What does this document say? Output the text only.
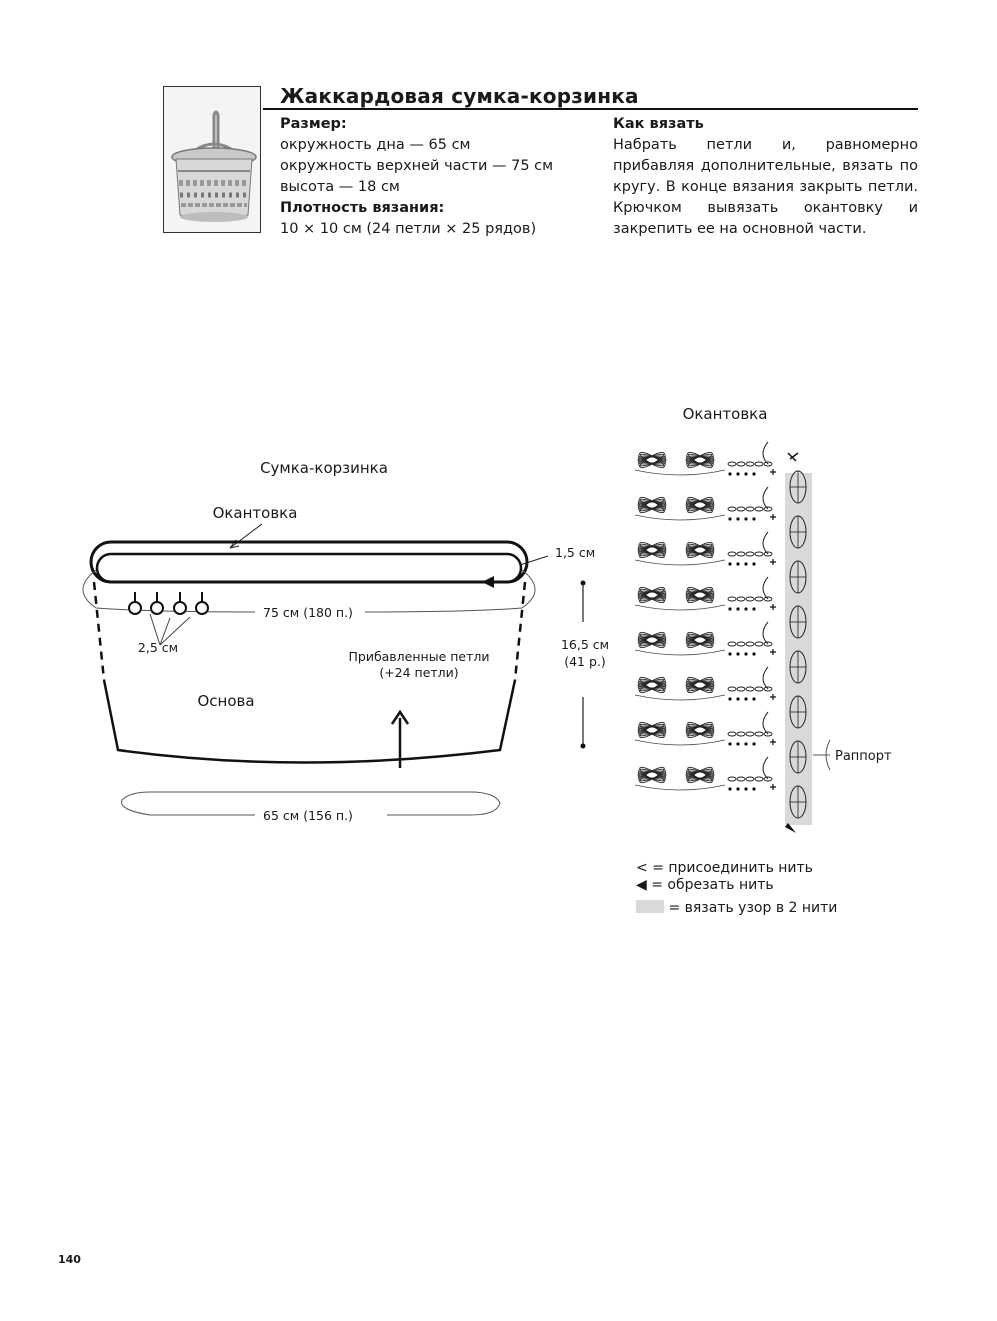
Жаккардовая сумка-корзинка
Размер:
окружность дна — 65 см
окружность верхней части — 75 см
высота — 18 см
Плотность вязания:
10 × 10 см (24 петли × 25 рядов)
Как вязать
Набрать петли и, равномерно прибавляя дополнительные, вязать по кругу. В конце вязания закрыть петли. Крючком вывязать окантовку и закрепить ее на основной части.
Сумка-корзинка
Окантовка
1,5 см
75 см (180 п.)
2,5 см	16,5 см
(41 р.)
Прибавленные петли
(+24 петли)
Основа
65 см (156 п.)
Окантовка
Раппорт
< = присоединить нить
◀ = обрезать нить
= вязать узор в 2 нити
140
